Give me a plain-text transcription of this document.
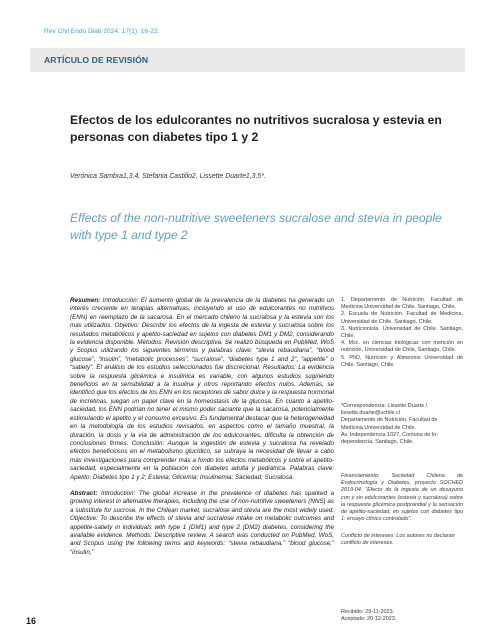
Rev Chil Endo Diab 2024; 17(1): 16-22.
ARTÍCULO DE REVISIÓN
Efectos de los edulcorantes no nutritivos sucralosa y estevia en personas con diabetes tipo 1 y 2
Verónica Sambra1,3,4, Stefania Castillo2, Lissette Duarte1,3,5*.
Effects of the non-nutritive sweeteners sucralose and stevia in people with type 1 and type 2

Resumen: Introducción: El aumento global de la prevalencia de la diabetes ha generado un interés creciente en terapias alternativas, incluyendo el uso de edulcorantes no nutritivos (ENN) en reemplazo de la sacarosa. En el mercado chileno la sucralosa y la estevia son los más utilizados. Objetivo: Describir los efectos de la ingesta de estevia y sucralosa sobre los resultados metabólicos y apetito-saciedad en sujetos con diabetes DM1 y DM2, considerando la evidencia disponible. Métodos: Revisión descriptiva. Se realizó búsqueda en PubMed, WoS y Scopus utilizando los siguientes términos y palabras clave: “stevia rebaudiana”, “blood glucose”, “insulin”, “metabolic processes”, “sucralose”, “diabetes type 1 and 2”, “appetite” o “satiety”. El análisis de los estudios seleccionados fue discrecional. Resultados: La evidencia sobre la respuesta glicémica e insulínica es variable, con algunos estudios sugiriendo beneficios en la sensibilidad a la insulina y otros reportando efectos nulos. Además, se identificó que los efectos de los ENN en los receptores de sabor dulce y la respuesta hormonal de incretinas, juegan un papel clave en la homeostasis de la glucosa. En cuanto a apetito-saciedad, los ENN podrían no tener el mismo poder saciante que la sacarosa, potencialmente estimulando el apetito y el consumo excesivo. Es fundamental destacar que la heterogeneidad en la metodología de los estudios revisados, en aspectos como el tamaño muestral, la duración, la dosis y la vía de administración de los edulcorantes, dificulta la obtención de conclusiones firmes. Conclusión: Aunque la ingestión de estevia y sucralosa ha revelado efectos beneficiosos en el metabolismo glucídico, se subraya la necesidad de llevar a cabo más investigaciones para comprender más a fondo los efectos metabólicos y sobre el apetito-saciedad, especialmente en la población con diabetes adulta y pediátrica. Palabras clave: Apetito; Diabetes tipo 1 y 2; Estevia; Glicemia; Insulinemia; Saciedad; Sucralosa.

Abstract: Introduction: The global increase in the prevalence of diabetes has sparked a growing interest in alternative therapies, including the use of non-nutritive sweeteners (NNS) as a substitute for sucrose. In the Chilean market, sucralose and stevia are the most widely used. Objective: To describe the effects of stevia and sucralose intake on metabolic outcomes and appetite-satiety in individuals with type 1 (DM1) and type 2 (DM2) diabetes, considering the available evidence. Methods: Descriptive review. A search was conducted on PubMed, WoS, and Scopus using the following terms and keywords: “stevia rebaudiana,” “blood glucose,” “insulin,”

1. Departamento de Nutrición. Facultad de Medicina Universidad de Chile. Santiago, Chile.
2. Escuela de Nutrición. Facultad de Medicina, Universidad de Chile. Santiago, Chile.
3. Nutricionista. Universidad de Chile. Santiago, Chile.
4. Msc. en ciencias biológicas con mención en nutrición, Universidad de Chile, Santiago, Chile.
5. PhD, Nutrición y Alimentos Universidad de Chile. Santiago, Chile.
*Correspondencia: Lissette Duarte /
lissette.duarte@uchile.cl
Departamento de Nutrición, Facultad de
Medicina Universidad de Chile.
Av. Independencia 1027, Comuna de In-
dependencia, Santiago, Chile.
Financiamiento: Sociedad Chilena de Endocrinología y Diabetes, proyecto SOCHED 2019-04. “Efecto de la ingesta de un desayuno con y sin edulcorantes (estevia y sucralosa) sobre la respuesta glicémica postprandial y la sensación de apetito-saciedad, en sujetos con diabetes tipo 1: ensayo clínico controlado”.
Conflicto de intereses: Los autores no declaran conflicto de intereses.
Recibido: 29-11-2023.
Aceptado: 20-12-2023.
16
